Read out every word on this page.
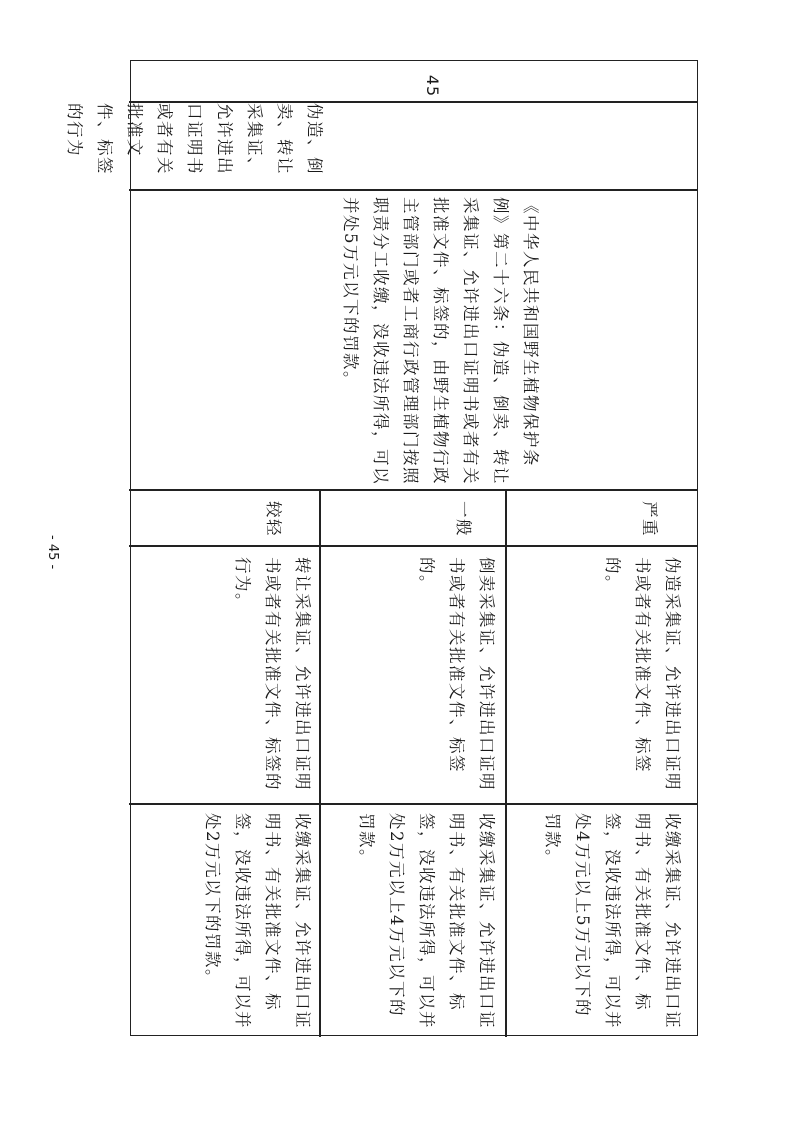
45
伪造、倒卖、转让采集证、允许进出口证明书或者有关批准文件、标签的行为
《中华人民共和国野生植物保护条例》第二十六条：伪造、倒卖、转让采集证、允许进出口证明书或者有关批准文件、标签的，由野生植物行政主管部门或者工商行政管理部门按照职责分工收缴，没收违法所得，可以并处5万元以下的罚款。
较轻	一般	严重
转让采集证、允许进出口证明书或者有关批准文件、标签的行为。	倒卖采集证、允许进出口证明书或者有关批准文件、标签的。	伪造采集证、允许进出口证明书或者有关批准文件、标签的。
收缴采集证、允许进出口证明书、有关批准文件、标签，没收违法所得，可以并处2万元以下的罚款。	收缴采集证、允许进出口证明书、有关批准文件、标签，没收违法所得，可以并处2万元以上4万元以下的罚款。	收缴采集证、允许进出口证明书、有关批准文件、标签，没收违法所得，可以并处4万元以上5万元以下的罚款。
- 45 -
